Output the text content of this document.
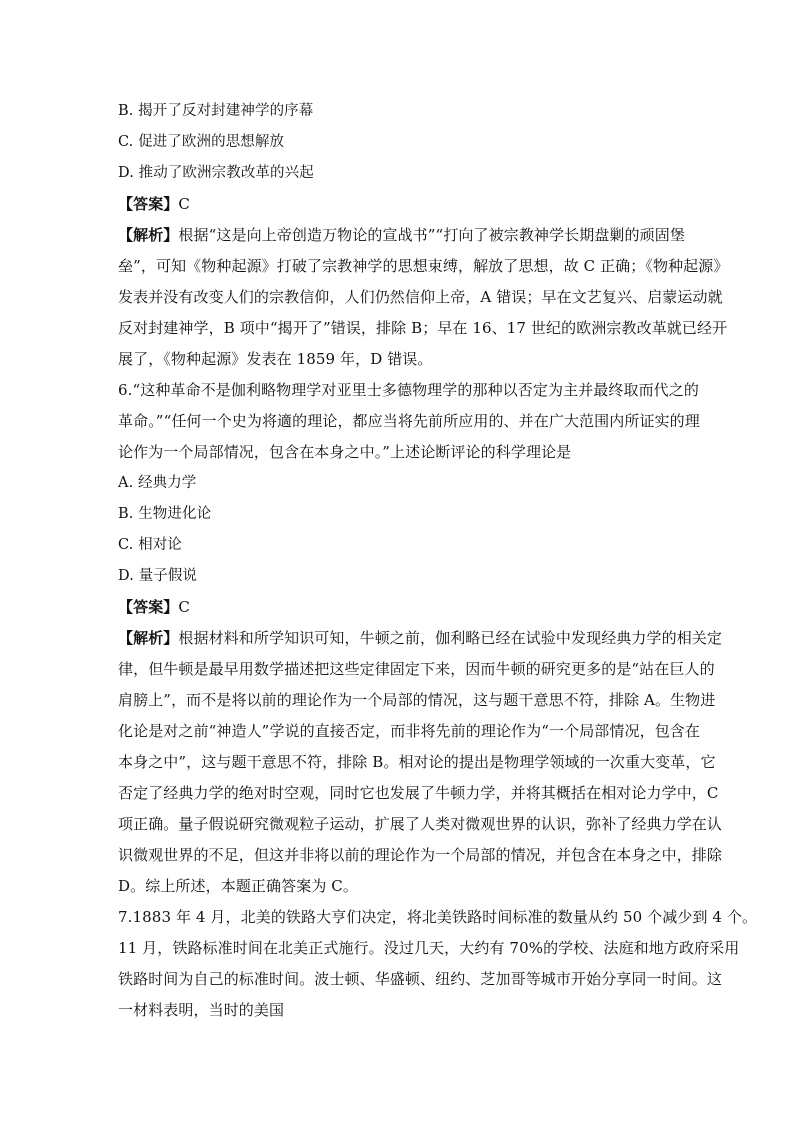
B. 揭开了反对封建神学的序幕
C. 促进了欧洲的思想解放
D. 推动了欧洲宗教改革的兴起
【答案】C
【解析】根据“这是向上帝创造万物论的宣战书”“打向了被宗教神学长期盘剿的顽固堡
垒”，可知《物种起源》打破了宗教神学的思想束缚，解放了思想，故 C 正确；《物种起源》
发表并没有改变人们的宗教信仰，人们仍然信仰上帝，A 错误；早在文艺复兴、启蒙运动就
反对封建神学，B 项中“揭开了”错误，排除 B；早在 16、17 世纪的欧洲宗教改革就已经开
展了，《物种起源》发表在 1859 年，D 错误。
6.“这种革命不是伽利略物理学对亚里士多德物理学的那种以否定为主并最终取而代之的
革命。”“任何一个史为将適的理论，都应当将先前所应用的、并在广大范围内所证实的理
论作为一个局部情况，包含在本身之中。”上述论断评论的科学理论是
A. 经典力学
B. 生物进化论
C. 相对论
D. 量子假说
【答案】C
【解析】根据材料和所学知识可知，牛顿之前，伽利略已经在试验中发现经典力学的相关定
律，但牛顿是最早用数学描述把这些定律固定下来，因而牛顿的研究更多的是“站在巨人的
肩膀上”，而不是将以前的理论作为一个局部的情况，这与题干意思不符，排除 A。生物进
化论是对之前“神造人”学说的直接否定，而非将先前的理论作为“一个局部情况，包含在
本身之中”，这与题干意思不符，排除 B。相对论的提出是物理学领域的一次重大变革，它
否定了经典力学的绝对时空观，同时它也发展了牛顿力学，并将其概括在相对论力学中，C
项正确。量子假说研究微观粒子运动，扩展了人类对微观世界的认识，弥补了经典力学在认
识微观世界的不足，但这并非将以前的理论作为一个局部的情况，并包含在本身之中，排除
D。综上所述，本题正确答案为 C。
7.1883 年 4 月，北美的铁路大亨们决定，将北美铁路时间标准的数量从约 50 个减少到 4 个。
11 月，铁路标准时间在北美正式施行。没过几天，大约有 70%的学校、法庭和地方政府采用
铁路时间为自己的标准时间。波士顿、华盛顿、纽约、芝加哥等城市开始分享同一时间。这
一材料表明，当时的美国
